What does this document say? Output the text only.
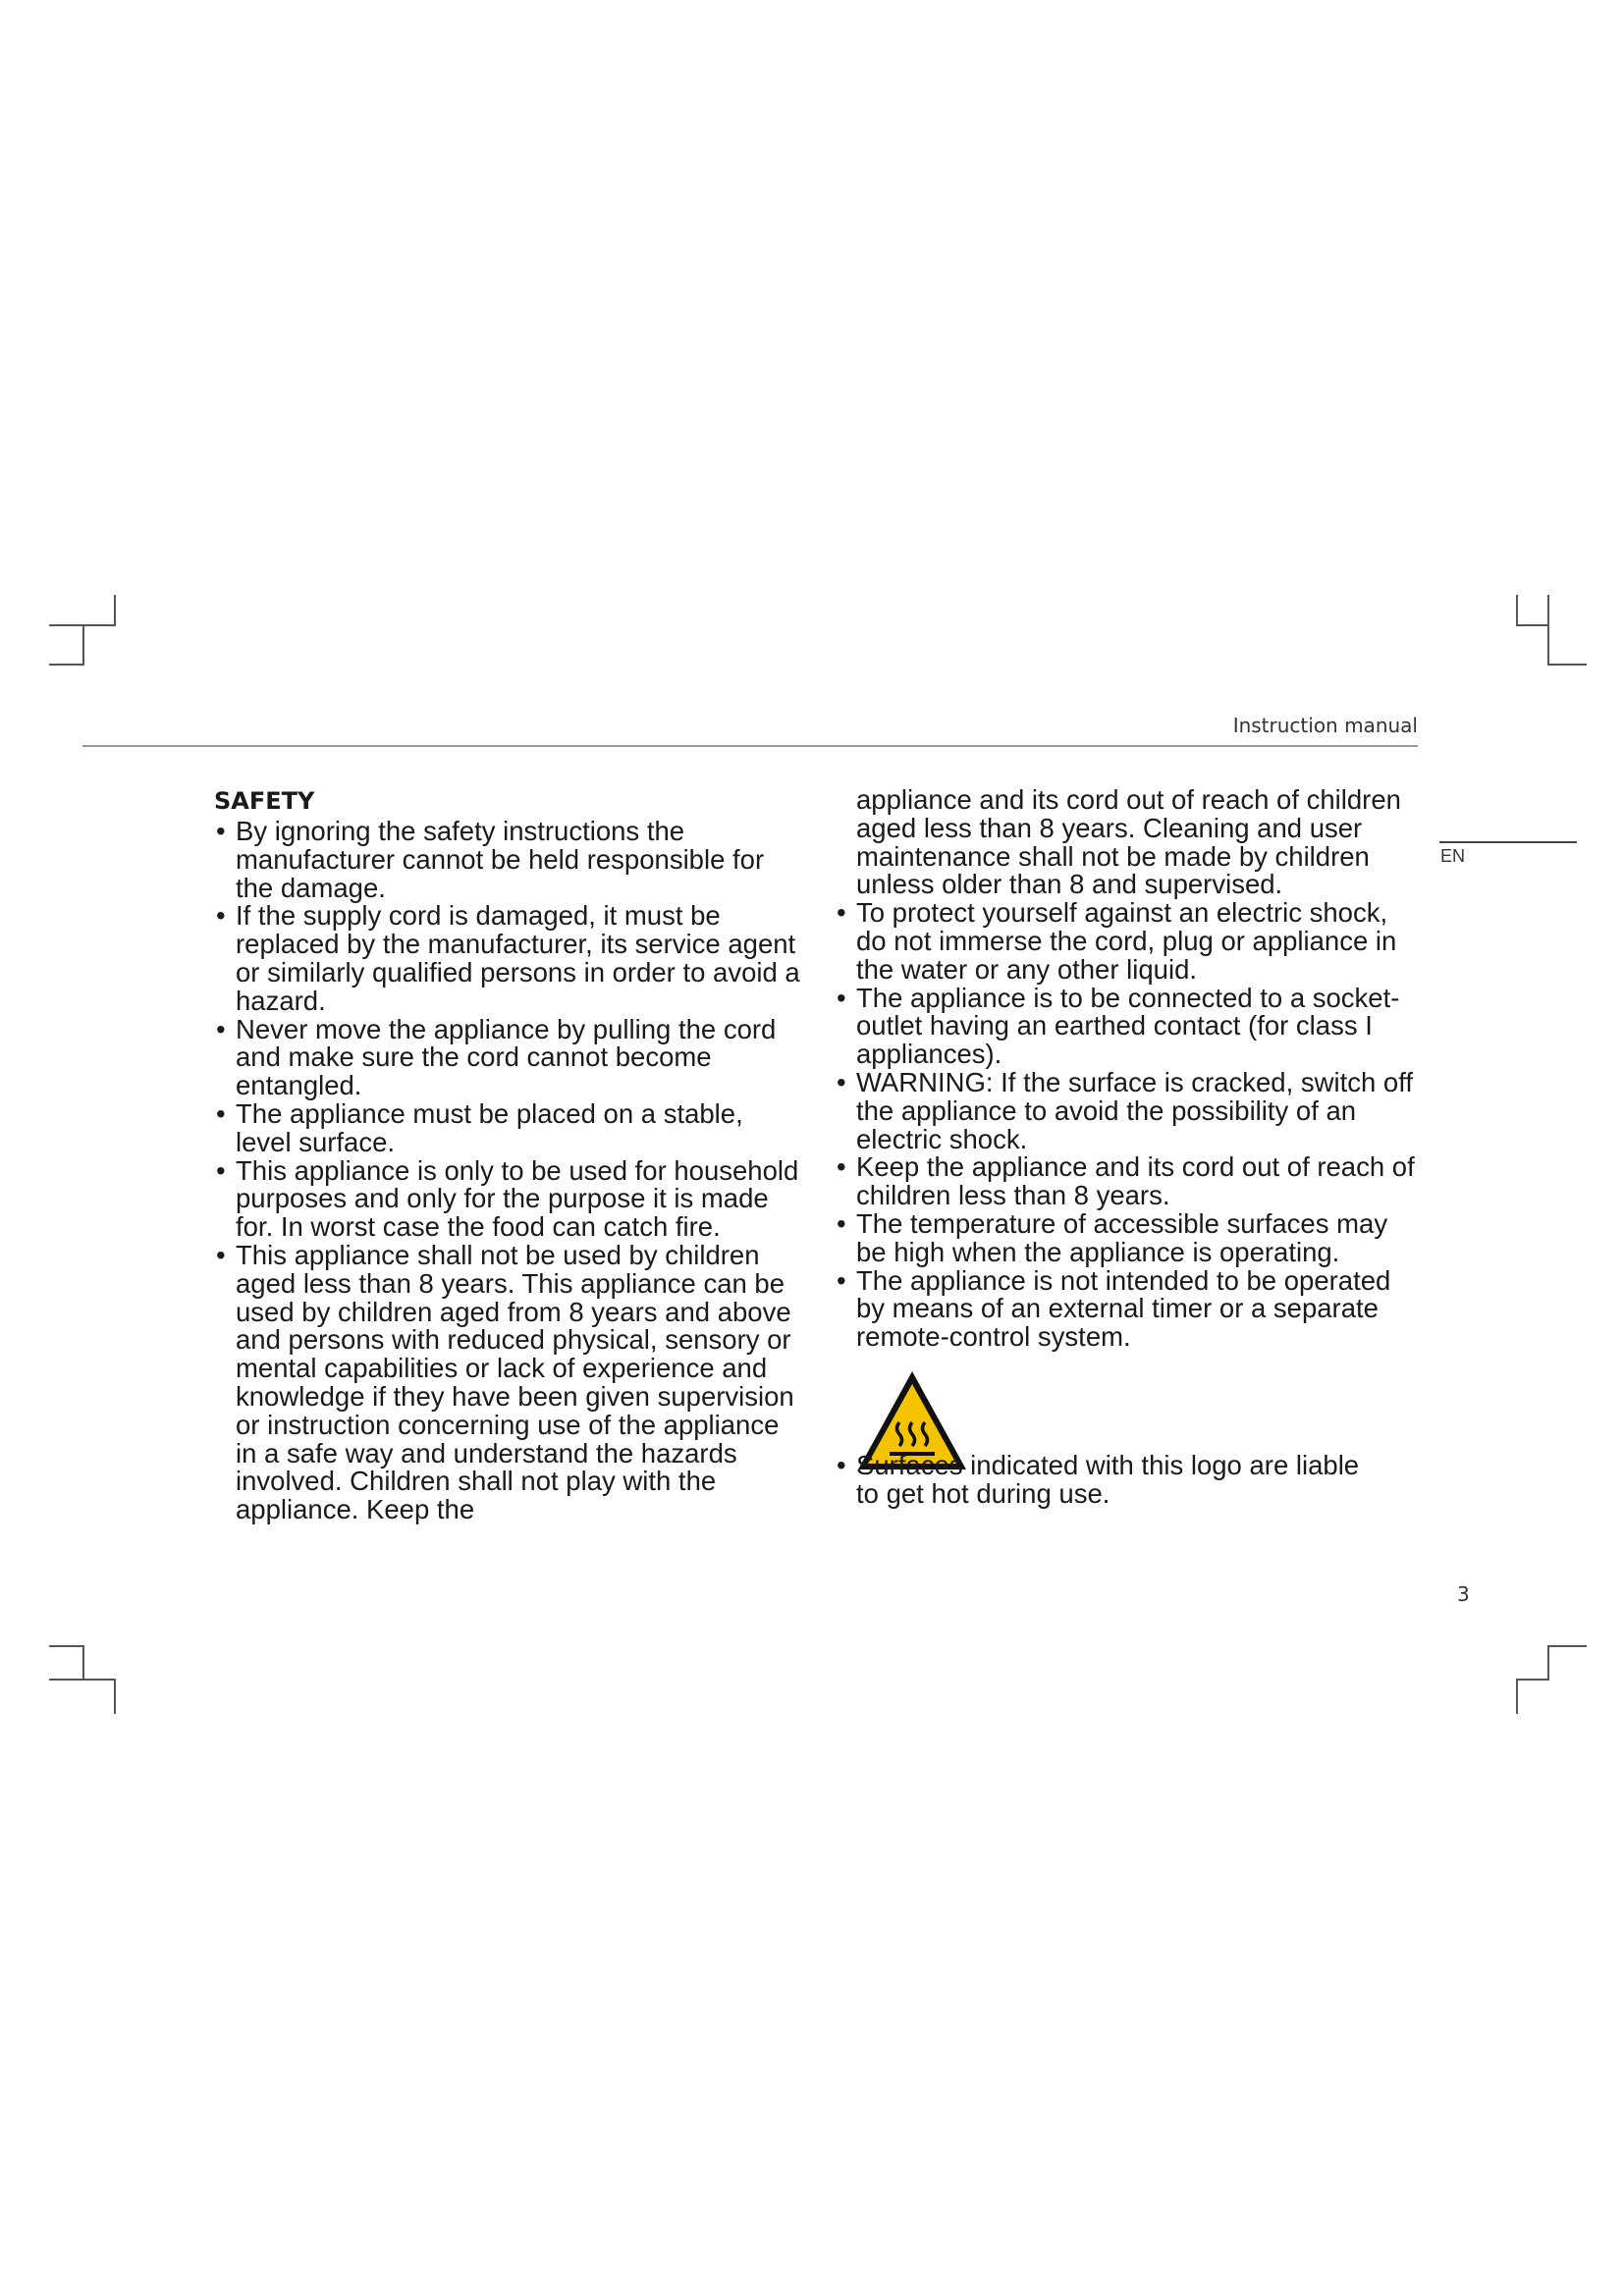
Instruction manual
EN
SAFETY
• By ignoring the safety instructions the manufacturer cannot be held responsible for the damage.
• If the supply cord is damaged, it must be replaced by the manufacturer, its service agent or similarly qualified persons in order to avoid a hazard.
• Never move the appliance by pulling the cord and make sure the cord cannot become entangled.
• The appliance must be placed on a stable, level surface.
• This appliance is only to be used for household purposes and only for the purpose it is made for. In worst case the food can catch fire.
• This appliance shall not be used by children aged less than 8 years. This appliance can be used by children aged from 8 years and above and persons with reduced physical, sensory or mental capabilities or lack of experience and knowledge if they have been given supervision or instruction concerning use of the appliance in a safe way and understand the hazards involved. Children shall not play with the appliance. Keep the

appliance and its cord out of reach of children aged less than 8 years. Cleaning and user maintenance shall not be made by children unless older than 8 and supervised.

• To protect yourself against an electric shock, do not immerse the cord, plug or appliance in the water or any other liquid.
• The appliance is to be connected to a socket-outlet having an earthed contact (for class I appliances).
• WARNING: If the surface is cracked, switch off the appliance to avoid the possibility of an electric shock.
• Keep the appliance and its cord out of reach of children less than 8 years.
• The temperature of accessible surfaces may be high when the appliance is operating.
• The appliance is not intended to be operated by means of an external timer or a separate remote-control system.
• Surfaces indicated with this logo are liable to get hot during use.
3
